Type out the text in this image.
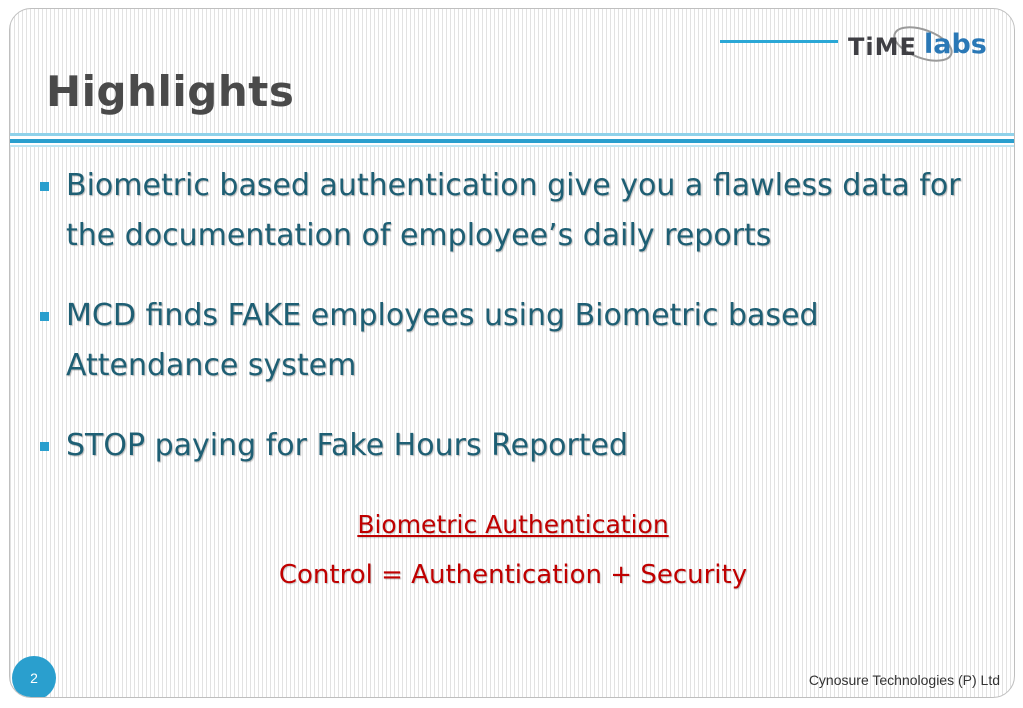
TiME labs
Highlights

Biometric based authentication give you a flawless data for the documentation of employee’s daily reports

MCD finds FAKE employees using Biometric based Attendance system

STOP paying for Fake Hours Reported

Biometric Authentication
Control = Authentication + Security
2	Cynosure Technologies (P) Ltd
